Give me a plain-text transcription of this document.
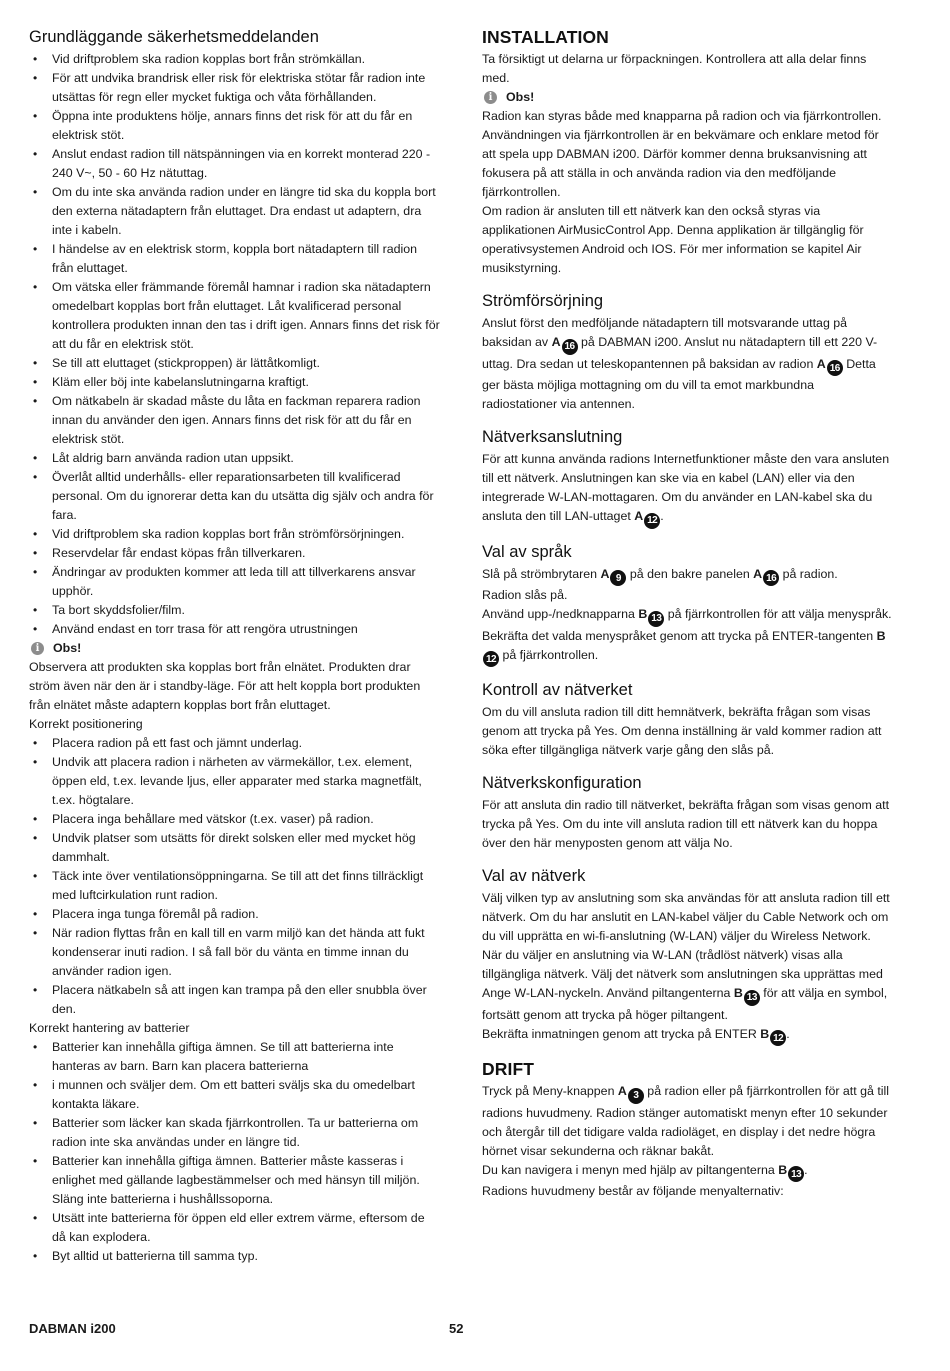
Grundläggande säkerhetsmeddelanden
• Vid driftproblem ska radion kopplas bort från strömkällan.
• För att undvika brandrisk eller risk för elektriska stötar får radion inte utsättas för regn eller mycket fuktiga och våta förhållanden.
• Öppna inte produktens hölje, annars finns det risk för att du får en elektrisk stöt.
• Anslut endast radion till nätspänningen via en korrekt monterad 220 - 240 V~, 50 - 60 Hz nätuttag.
• Om du inte ska använda radion under en längre tid ska du koppla bort den externa nätadaptern från eluttaget. Dra endast ut adaptern, dra inte i kabeln.
• I händelse av en elektrisk storm, koppla bort nätadaptern till radion från eluttaget.
• Om vätska eller främmande föremål hamnar i radion ska nätadaptern omedelbart kopplas bort från eluttaget. Låt kvalificerad personal kontrollera produkten innan den tas i drift igen. Annars finns det risk för att du får en elektrisk stöt.
• Se till att eluttaget (stickproppen) är lättåtkomligt.
• Kläm eller böj inte kabelanslutningarna kraftigt.
• Om nätkabeln är skadad måste du låta en fackman reparera radion innan du använder den igen. Annars finns det risk för att du får en elektrisk stöt.
• Låt aldrig barn använda radion utan uppsikt.
• Överlåt alltid underhålls- eller reparationsarbeten till kvalificerad personal. Om du ignorerar detta kan du utsätta dig själv och andra för fara.
• Vid driftproblem ska radion kopplas bort från strömförsörjningen.
• Reservdelar får endast köpas från tillverkaren.
• Ändringar av produkten kommer att leda till att tillverkarens ansvar upphör.
• Ta bort skyddsfolier/film.
• Använd endast en torr trasa för att rengöra utrustningen
i	Obs!

Observera att produkten ska kopplas bort från elnätet. Produkten drar ström även när den är i standby-läge. För att helt koppla bort produkten från elnätet måste adaptern kopplas bort från eluttaget.

Korrekt positionering

• Placera radion på ett fast och jämnt underlag.
• Undvik att placera radion i närheten av värmekällor, t.ex. element, öppen eld, t.ex. levande ljus, eller apparater med starka magnetfält, t.ex. högtalare.
• Placera inga behållare med vätskor (t.ex. vaser) på radion.
• Undvik platser som utsätts för direkt solsken eller med mycket hög dammhalt.
• Täck inte över ventilationsöppningarna. Se till att det finns tillräckligt med luftcirkulation runt radion.
• Placera inga tunga föremål på radion.
• När radion flyttas från en kall till en varm miljö kan det hända att fukt kondenserar inuti radion. I så fall bör du vänta en timme innan du använder radion igen.
• Placera nätkabeln så att ingen kan trampa på den eller snubbla över den.

Korrekt hantering av batterier

• Batterier kan innehålla giftiga ämnen. Se till att batterierna inte hanteras av barn. Barn kan placera batterierna
• i munnen och svälјer dem. Om ett batteri sväljs ska du omedelbart kontakta läkare.
• Batterier som läcker kan skada fjärrkontrollen. Ta ur batterierna om radion inte ska användas under en längre tid.
• Batterier kan innehålla giftiga ämnen. Batterier måste kasseras i enlighet med gällande lagbestämmelser och med hänsyn till miljön. Släng inte batterierna i hushållssoporna.
• Utsätt inte batterierna för öppen eld eller extrem värme, eftersom de då kan explodera.
• Byt alltid ut batterierna till samma typ.
INSTALLATION

Ta försiktigt ut delarna ur förpackningen. Kontrollera att alla delar finns med.

i	Obs!

Radion kan styras både med knapparna på radion och via fjärrkontrollen. Användningen via fjärrkontrollen är en bekvämare och enklare metod för att spela upp DABMAN i200. Därför kommer denna bruksanvisning att fokusera på att ställa in och använda radion via den medföljande fjärrkontrollen.

Om radion är ansluten till ett nätverk kan den också styras via applikationen AirMusicControl App. Denna applikation är tillgänglig för operativsystemen Android och IOS. För mer information se kapitel Air musikstyrning.

Strömförsörjning

Anslut först den medföljande nätadaptern till motsvarande uttag på baksidan av A 16 på DABMAN i200. Anslut nu nätadaptern till ett 220 V-uttag. Dra sedan ut teleskopantennen på baksidan av radion A 16 Detta ger bästa möjliga mottagning om du vill ta emot markbundna radiostationer via antennen.

Nätverksanslutning

För att kunna använda radions Internetfunktioner måste den vara ansluten till ett nätverk. Anslutningen kan ske via en kabel (LAN) eller via den integrerade W-LAN-mottagaren. Om du använder en LAN-kabel ska du ansluta den till LAN-uttaget A 12 .

Val av språk

Slå på strömbrytaren A 9 på den bakre panelen A 16 på radion.

Radion slås på.

Använd upp-/nedknapparna B 13 på fjärrkontrollen för att välja menyspråk. Bekräfta det valda menyspråket genom att trycka på ENTER-tangenten B12 på fjärrkontrollen.

Kontroll av nätverket

Om du vill ansluta radion till ditt hemnätverk, bekräfta frågan som visas genom att trycka på Yes. Om denna inställning är vald kommer radion att söka efter tillgängliga nätverk varje gång den slås på.

Nätverkskonfiguration

För att ansluta din radio till nätverket, bekräfta frågan som visas genom att trycka på Yes. Om du inte vill ansluta radion till ett nätverk kan du hoppa över den här menyposten genom att välja No.

Val av nätverk

Välj vilken typ av anslutning som ska användas för att ansluta radion till ett nätverk. Om du har anslutit en LAN-kabel väljer du Cable Network och om du vill upprätta en wi-fi-anslutning (W-LAN) väljer du Wireless Network.

När du väljer en anslutning via W-LAN (trådlöst nätverk) visas alla tillgängliga nätverk. Välj det nätverk som anslutningen ska upprättas med

Ange W-LAN-nyckeln. Använd piltangenterna B 13 för att välja en symbol, fortsätt genom att trycka på höger piltangent.

Bekräfta inmatningen genom att trycka på ENTER B 12 .

DRIFT

Tryck på Meny-knappen A 3 på radion eller på fjärrkontrollen för att gå till radions huvudmeny. Radion stänger automatiskt menyn efter 10 sekunder och återgår till det tidigare valda radioläget, en display i det nedre högra hörnet visar sekunderna och räknar bakåt.

Du kan navigera i menyn med hjälp av piltangenterna B 13 .

Radions huvudmeny består av följande menyalternativ:

DABMAN i200	52
